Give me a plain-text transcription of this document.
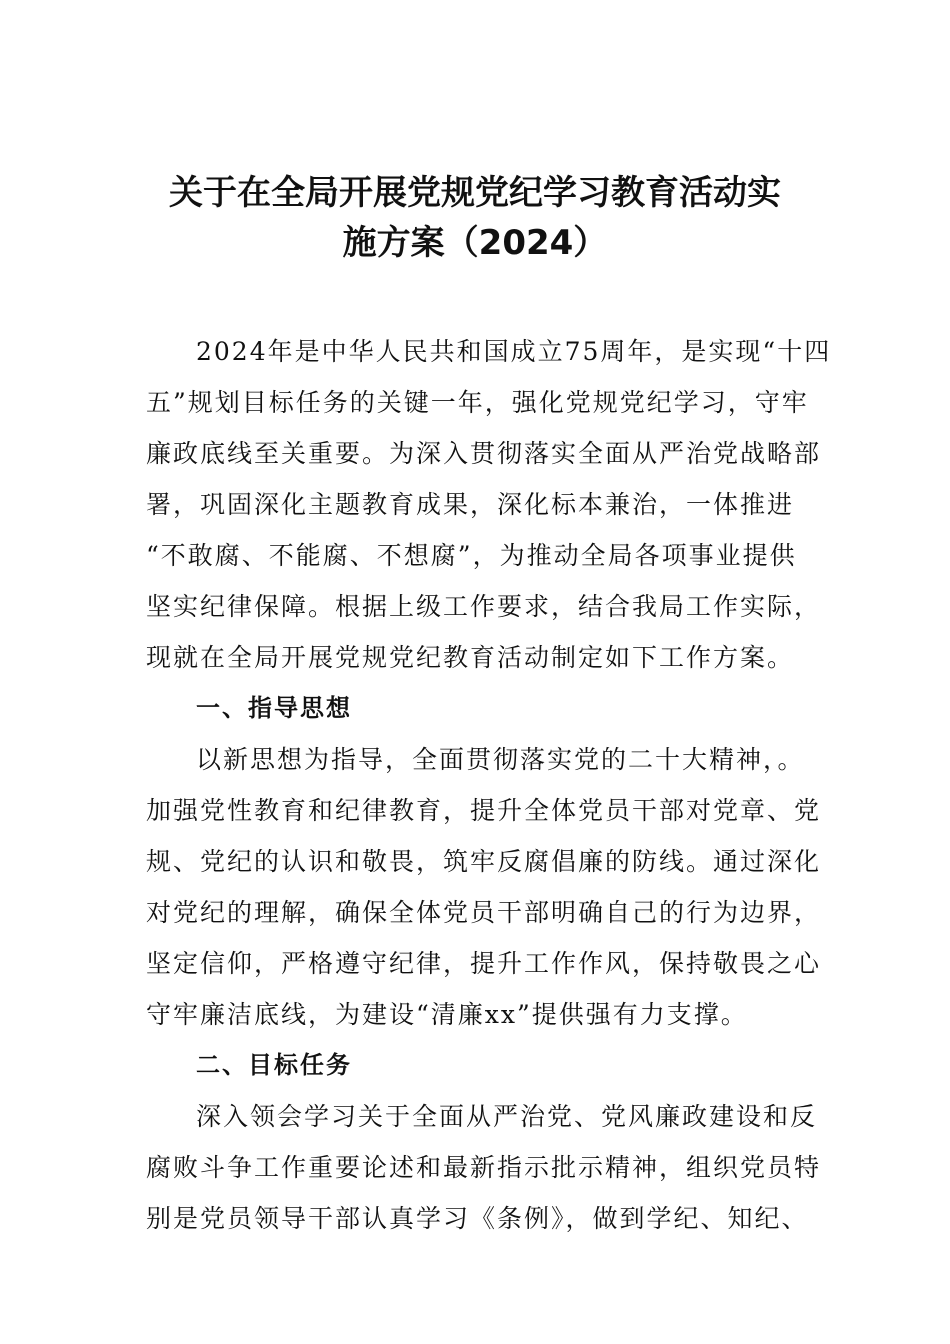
关于在全局开展党规党纪学习教育活动实
施方案（2024）

2024年是中华人民共和国成立75周年，是实现“十四

五”规划目标任务的关键一年，强化党规党纪学习，守牢

廉政底线至关重要。为深入贯彻落实全面从严治党战略部

署，巩固深化主题教育成果，深化标本兼治，一体推进

“不敢腐、不能腐、不想腐”，为推动全局各项事业提供

坚实纪律保障。根据上级工作要求，结合我局工作实际，

现就在全局开展党规党纪教育活动制定如下工作方案。

一、指导思想

以新思想为指导，全面贯彻落实党的二十大精神，。

加强党性教育和纪律教育，提升全体党员干部对党章、党

规、党纪的认识和敬畏，筑牢反腐倡廉的防线。通过深化

对党纪的理解，确保全体党员干部明确自己的行为边界，

坚定信仰，严格遵守纪律，提升工作作风，保持敬畏之心

守牢廉洁底线，为建设“清廉xx”提供强有力支撑。

二、目标任务

深入领会学习关于全面从严治党、党风廉政建设和反

腐败斗争工作重要论述和最新指示批示精神，组织党员特

别是党员领导干部认真学习《条例》，做到学纪、知纪、
